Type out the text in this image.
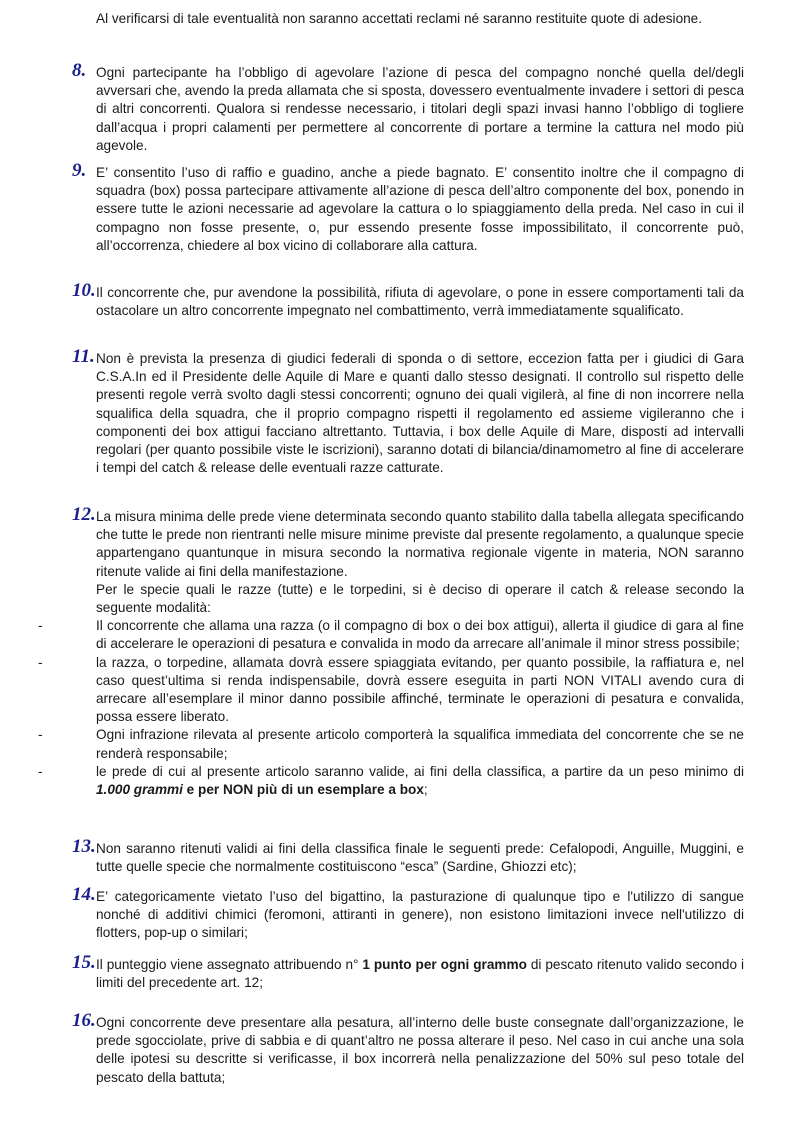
Al verificarsi di tale eventualità non saranno accettati reclami né saranno restituite quote di adesione.
8. Ogni partecipante ha l’obbligo di agevolare l’azione di pesca del compagno nonché quella del/degli avversari che, avendo la preda allamata che si sposta, dovessero eventualmente invadere i settori di pesca di altri concorrenti. Qualora si rendesse necessario, i titolari degli spazi invasi hanno l’obbligo di togliere dall’acqua i propri calamenti per permettere al concorrente di portare a termine la cattura nel modo più agevole.
9. E’ consentito l’uso di raffio e guadino, anche a piede bagnato. E’ consentito inoltre che il compagno di squadra (box) possa partecipare attivamente all’azione di pesca dell’altro componente del box, ponendo in essere tutte le azioni necessarie ad agevolare la cattura o lo spiaggiamento della preda. Nel caso in cui il compagno non fosse presente, o, pur essendo presente fosse impossibilitato, il concorrente può, all’occorrenza, chiedere al box vicino di collaborare alla cattura.
10. Il concorrente che, pur avendone la possibilità, rifiuta di agevolare, o pone in essere comportamenti tali da ostacolare un altro concorrente impegnato nel combattimento, verrà immediatamente squalificato.
11. Non è prevista la presenza di giudici federali di sponda o di settore, eccezion fatta per i giudici di Gara C.S.A.In ed il Presidente delle Aquile di Mare e quanti dallo stesso designati. Il controllo sul rispetto delle presenti regole verrà svolto dagli stessi concorrenti; ognuno dei quali vigilerà, al fine di non incorrere nella squalifica della squadra, che il proprio compagno rispetti il regolamento ed assieme vigileranno che i componenti dei box attigui facciano altrettanto. Tuttavia, i box delle Aquile di Mare, disposti ad intervalli regolari (per quanto possibile viste le iscrizioni), saranno dotati di bilancia/dinamometro al fine di accelerare i tempi del catch & release delle eventuali razze catturate.
12. La misura minima delle prede viene determinata secondo quanto stabilito dalla tabella allegata specificando che tutte le prede non rientranti nelle misure minime previste dal presente regolamento, a qualunque specie appartengano quantunque in misura secondo la normativa regionale vigente in materia, NON saranno ritenute valide ai fini della manifestazione.

Per le specie quali le razze (tutte) e le torpedini, si è deciso di operare il catch & release secondo la seguente modalità:

-	Il concorrente che allama una razza (o il compagno di box o dei box attigui), allerta il giudice di gara al fine di accelerare le operazioni di pesatura e convalida in modo da arrecare all’animale il minor stress possibile;
-	la razza, o torpedine, allamata dovrà essere spiaggiata evitando, per quanto possibile, la raffiatura e, nel caso quest’ultima si renda indispensabile, dovrà essere eseguita in parti NON VITALI avendo cura di arrecare all’esemplare il minor danno possibile affinché, terminate le operazioni di pesatura e convalida, possa essere liberato.
-	Ogni infrazione rilevata al presente articolo comporterà la squalifica immediata del concorrente che se ne renderà responsabile;
-	le prede di cui al presente articolo saranno valide, ai fini della classifica, a partire da un peso minimo di 1.000 grammi e per NON più di un esemplare a box;
13. Non saranno ritenuti validi ai fini della classifica finale le seguenti prede: Cefalopodi, Anguille, Muggini, e tutte quelle specie che normalmente costituiscono “esca” (Sardine, Ghiozzi etc);
14. E’ categoricamente vietato l’uso del bigattino, la pasturazione di qualunque tipo e l'utilizzo di sangue nonché di additivi chimici (feromoni, attiranti in genere), non esistono limitazioni invece nell'utilizzo di flotters, pop-up o similari;
15. Il punteggio viene assegnato attribuendo n° 1 punto per ogni grammo di pescato ritenuto valido secondo i limiti del precedente art. 12;
16. Ogni concorrente deve presentare alla pesatura, all’interno delle buste consegnate dall’organizzazione, le prede sgocciolate, prive di sabbia e di quant’altro ne possa alterare il peso. Nel caso in cui anche una sola delle ipotesi su descritte si verificasse, il box incorrerà nella penalizzazione del 50% sul peso totale del pescato della battuta;
